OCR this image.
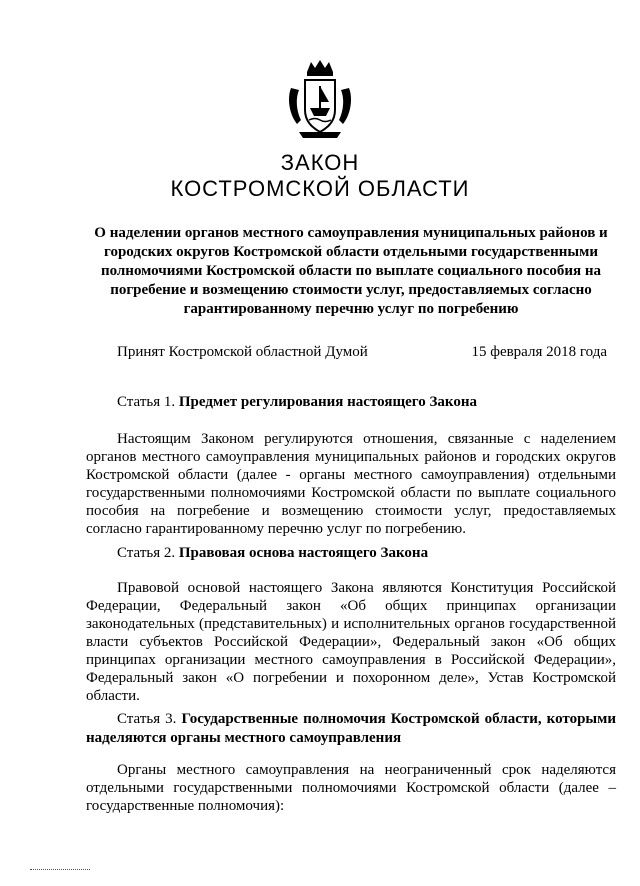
ЗАКОН
КОСТРОМСКОЙ ОБЛАСТИ
О наделении органов местного самоуправления муниципальных районов и городских округов Костромской области отдельными государственными полномочиями Костромской области по выплате социального пособия на погребение и возмещению стоимости услуг, предоставляемых согласно гарантированному перечню услуг по погребению
Принят Костромской областной Думой	15 февраля 2018 года
Статья 1. Предмет регулирования настоящего Закона
Настоящим Законом регулируются отношения, связанные с наделением органов местного самоуправления муниципальных районов и городских округов Костромской области (далее - органы местного самоуправления) отдельными государственными полномочиями Костромской области по выплате социального пособия на погребение и возмещению стоимости услуг, предоставляемых согласно гарантированному перечню услуг по погребению.
Статья 2. Правовая основа настоящего Закона
Правовой основой настоящего Закона являются Конституция Российской Федерации, Федеральный закон «Об общих принципах организации законодательных (представительных) и исполнительных органов государственной власти субъектов Российской Федерации», Федеральный закон «Об общих принципах организации местного самоуправления в Российской Федерации», Федеральный закон «О погребении и похоронном деле», Устав Костромской области.
Статья 3. Государственные полномочия Костромской области, которыми наделяются органы местного самоуправления
Органы местного самоуправления на неограниченный срок наделяются отдельными государственными полномочиями Костромской области (далее – государственные полномочия):
